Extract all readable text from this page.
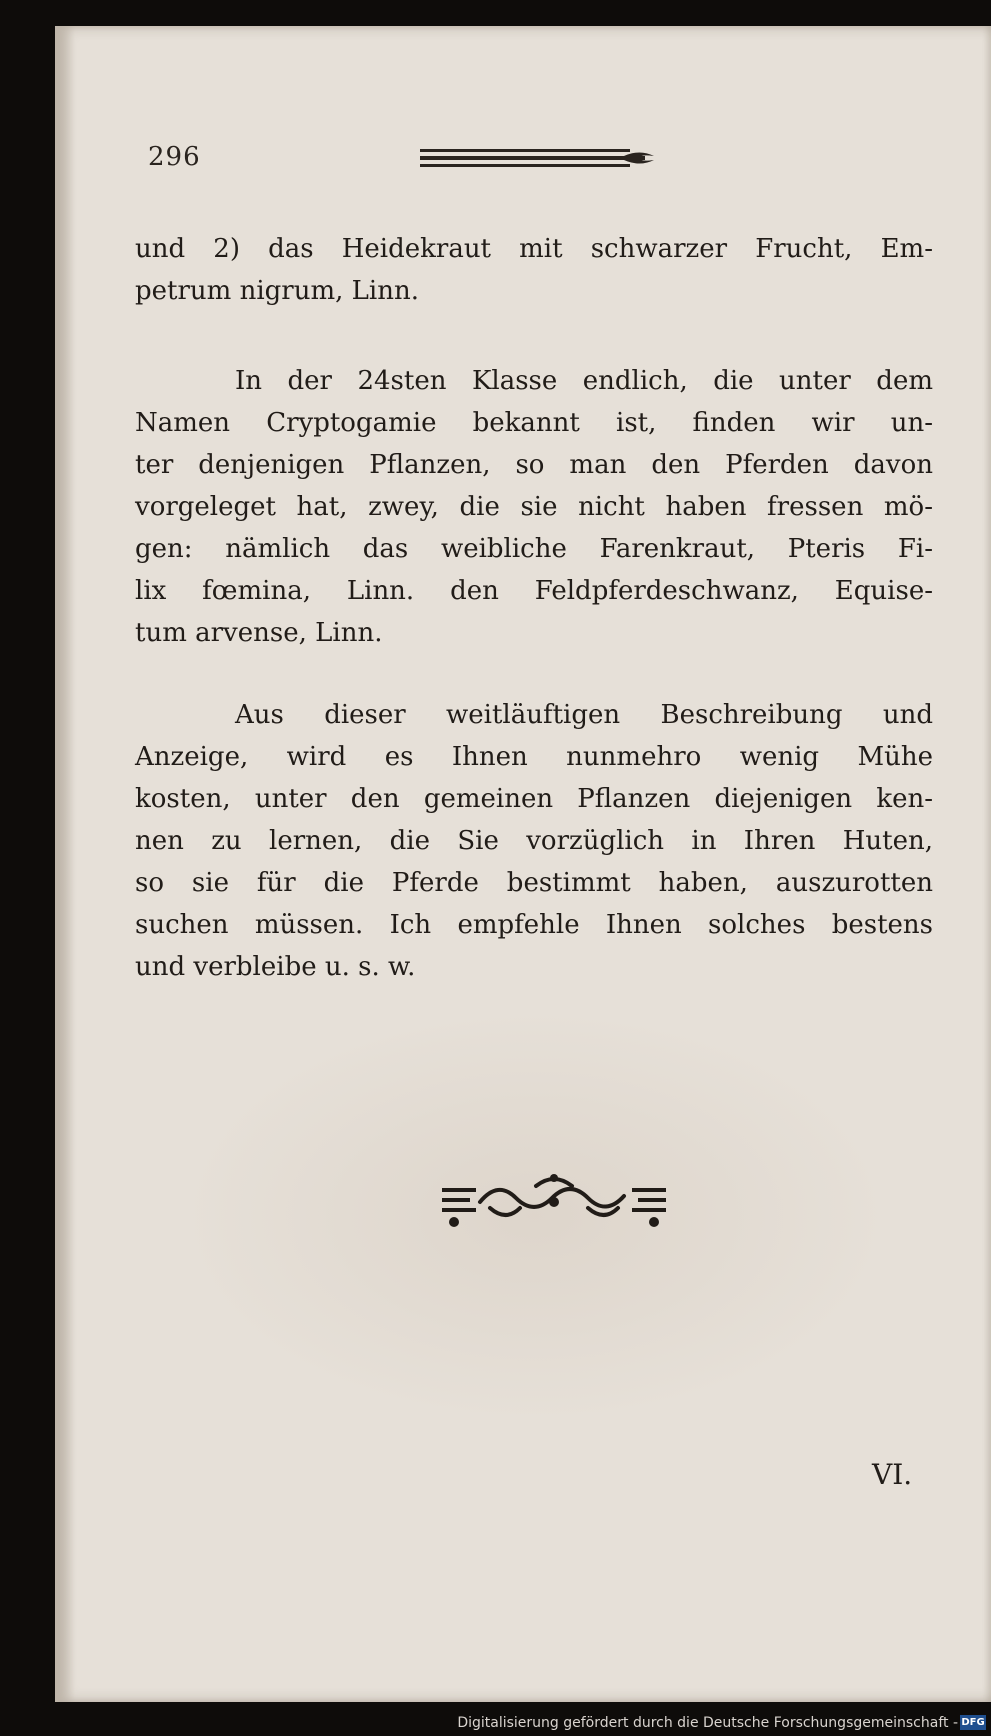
296
und 2) das Heidekraut mit schwarzer Frucht, Em-
petrum nigrum, Linn.
In der 24sten Klasse endlich, die unter dem
Namen Cryptogamie bekannt ist, finden wir un-
ter denjenigen Pflanzen, so man den Pferden davon
vorgeleget hat, zwey, die sie nicht haben fressen mö-
gen: nämlich das weibliche Farenkraut, Pteris Fi-
lix fœmina, Linn. den Feldpferdeschwanz, Equise-
tum arvense, Linn.
Aus dieser weitläuftigen Beschreibung und
Anzeige, wird es Ihnen nunmehro wenig Mühe
kosten, unter den gemeinen Pflanzen diejenigen ken-
nen zu lernen, die Sie vorzüglich in Ihren Huten,
so sie für die Pferde bestimmt haben, auszurotten
suchen müssen. Ich empfehle Ihnen solches bestens
und verbleibe u. s. w.
VI.
Digitalisierung gefördert durch die Deutsche Forschungsgemeinschaft - DFG
